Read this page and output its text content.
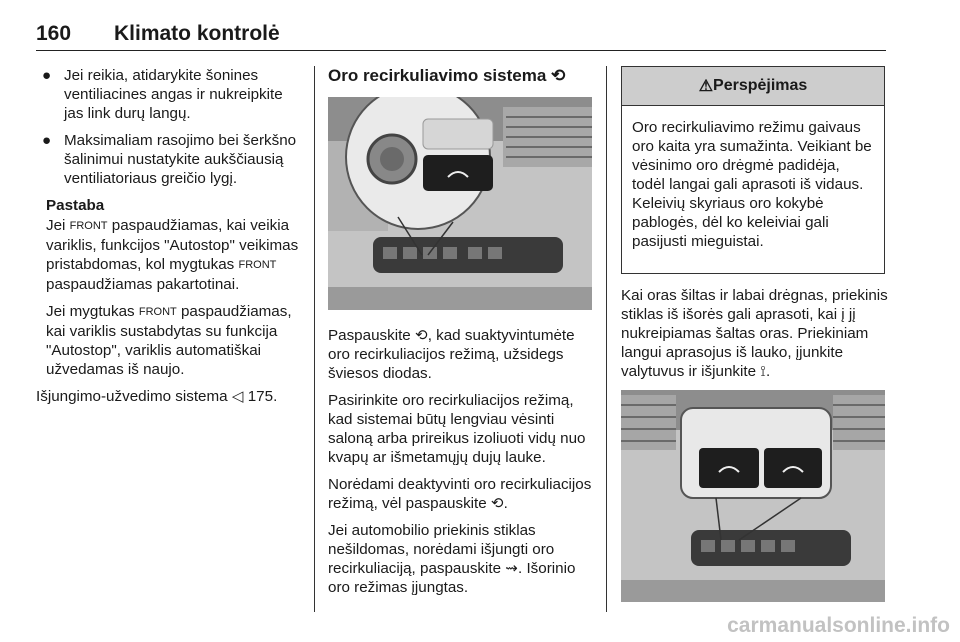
160 Klimato kontrolė
● Jei reikia, atidarykite šonines ventiliacines angas ir nukreipkite jas link durų langų.
● Maksimaliam rasojimo bei šerkšno šalinimui nustatykite aukščiausią ventiliatoriaus greičio lygį.
Pastaba
Jei FRONT paspaudžiamas, kai veikia variklis, funkcijos "Autostop" veikimas pristabdomas, kol mygtukas FRONT paspaudžiamas pakartotinai.
Jei mygtukas FRONT paspaudžiamas, kai variklis sustabdytas su funkcija "Autostop", variklis automatiškai užvedamas iš naujo.

Išjungimo-užvedimo sistema ◁ 175.

Oro recirkuliavimo sistema ⟲

Paspauskite ⟲, kad suaktyvintumėte oro recirkuliacijos režimą, užsidegs šviesos diodas.

Pasirinkite oro recirkuliacijos režimą, kad sistemai būtų lengviau vėsinti saloną arba prireikus izoliuoti vidų nuo kvapų ar išmetamųjų dujų lauke.

Norėdami deaktyvinti oro recirkuliacijos režimą, vėl paspauskite ⟲.

Jei automobilio priekinis stiklas nešildomas, norėdami išjungti oro recirkuliaciją, paspauskite ⇝. Išorinio oro režimas įjungtas.

⚠ Perspėjimas
Oro recirkuliavimo režimu gaivaus oro kaita yra sumažinta. Veikiant be vėsinimo oro drėgmė padidėja, todėl langai gali aprasoti iš vidaus. Keleivių skyriaus oro kokybė pablogės, dėl ko keleiviai gali pasijusti mieguistai.

Kai oras šiltas ir labai drėgnas, priekinis stiklas iš išorės gali aprasoti, kai į jį nukreipiamas šaltas oras. Priekiniam langui aprasojus iš lauko, įjunkite valytuvus ir išjunkite ⟟.

carmanualsonline.info
